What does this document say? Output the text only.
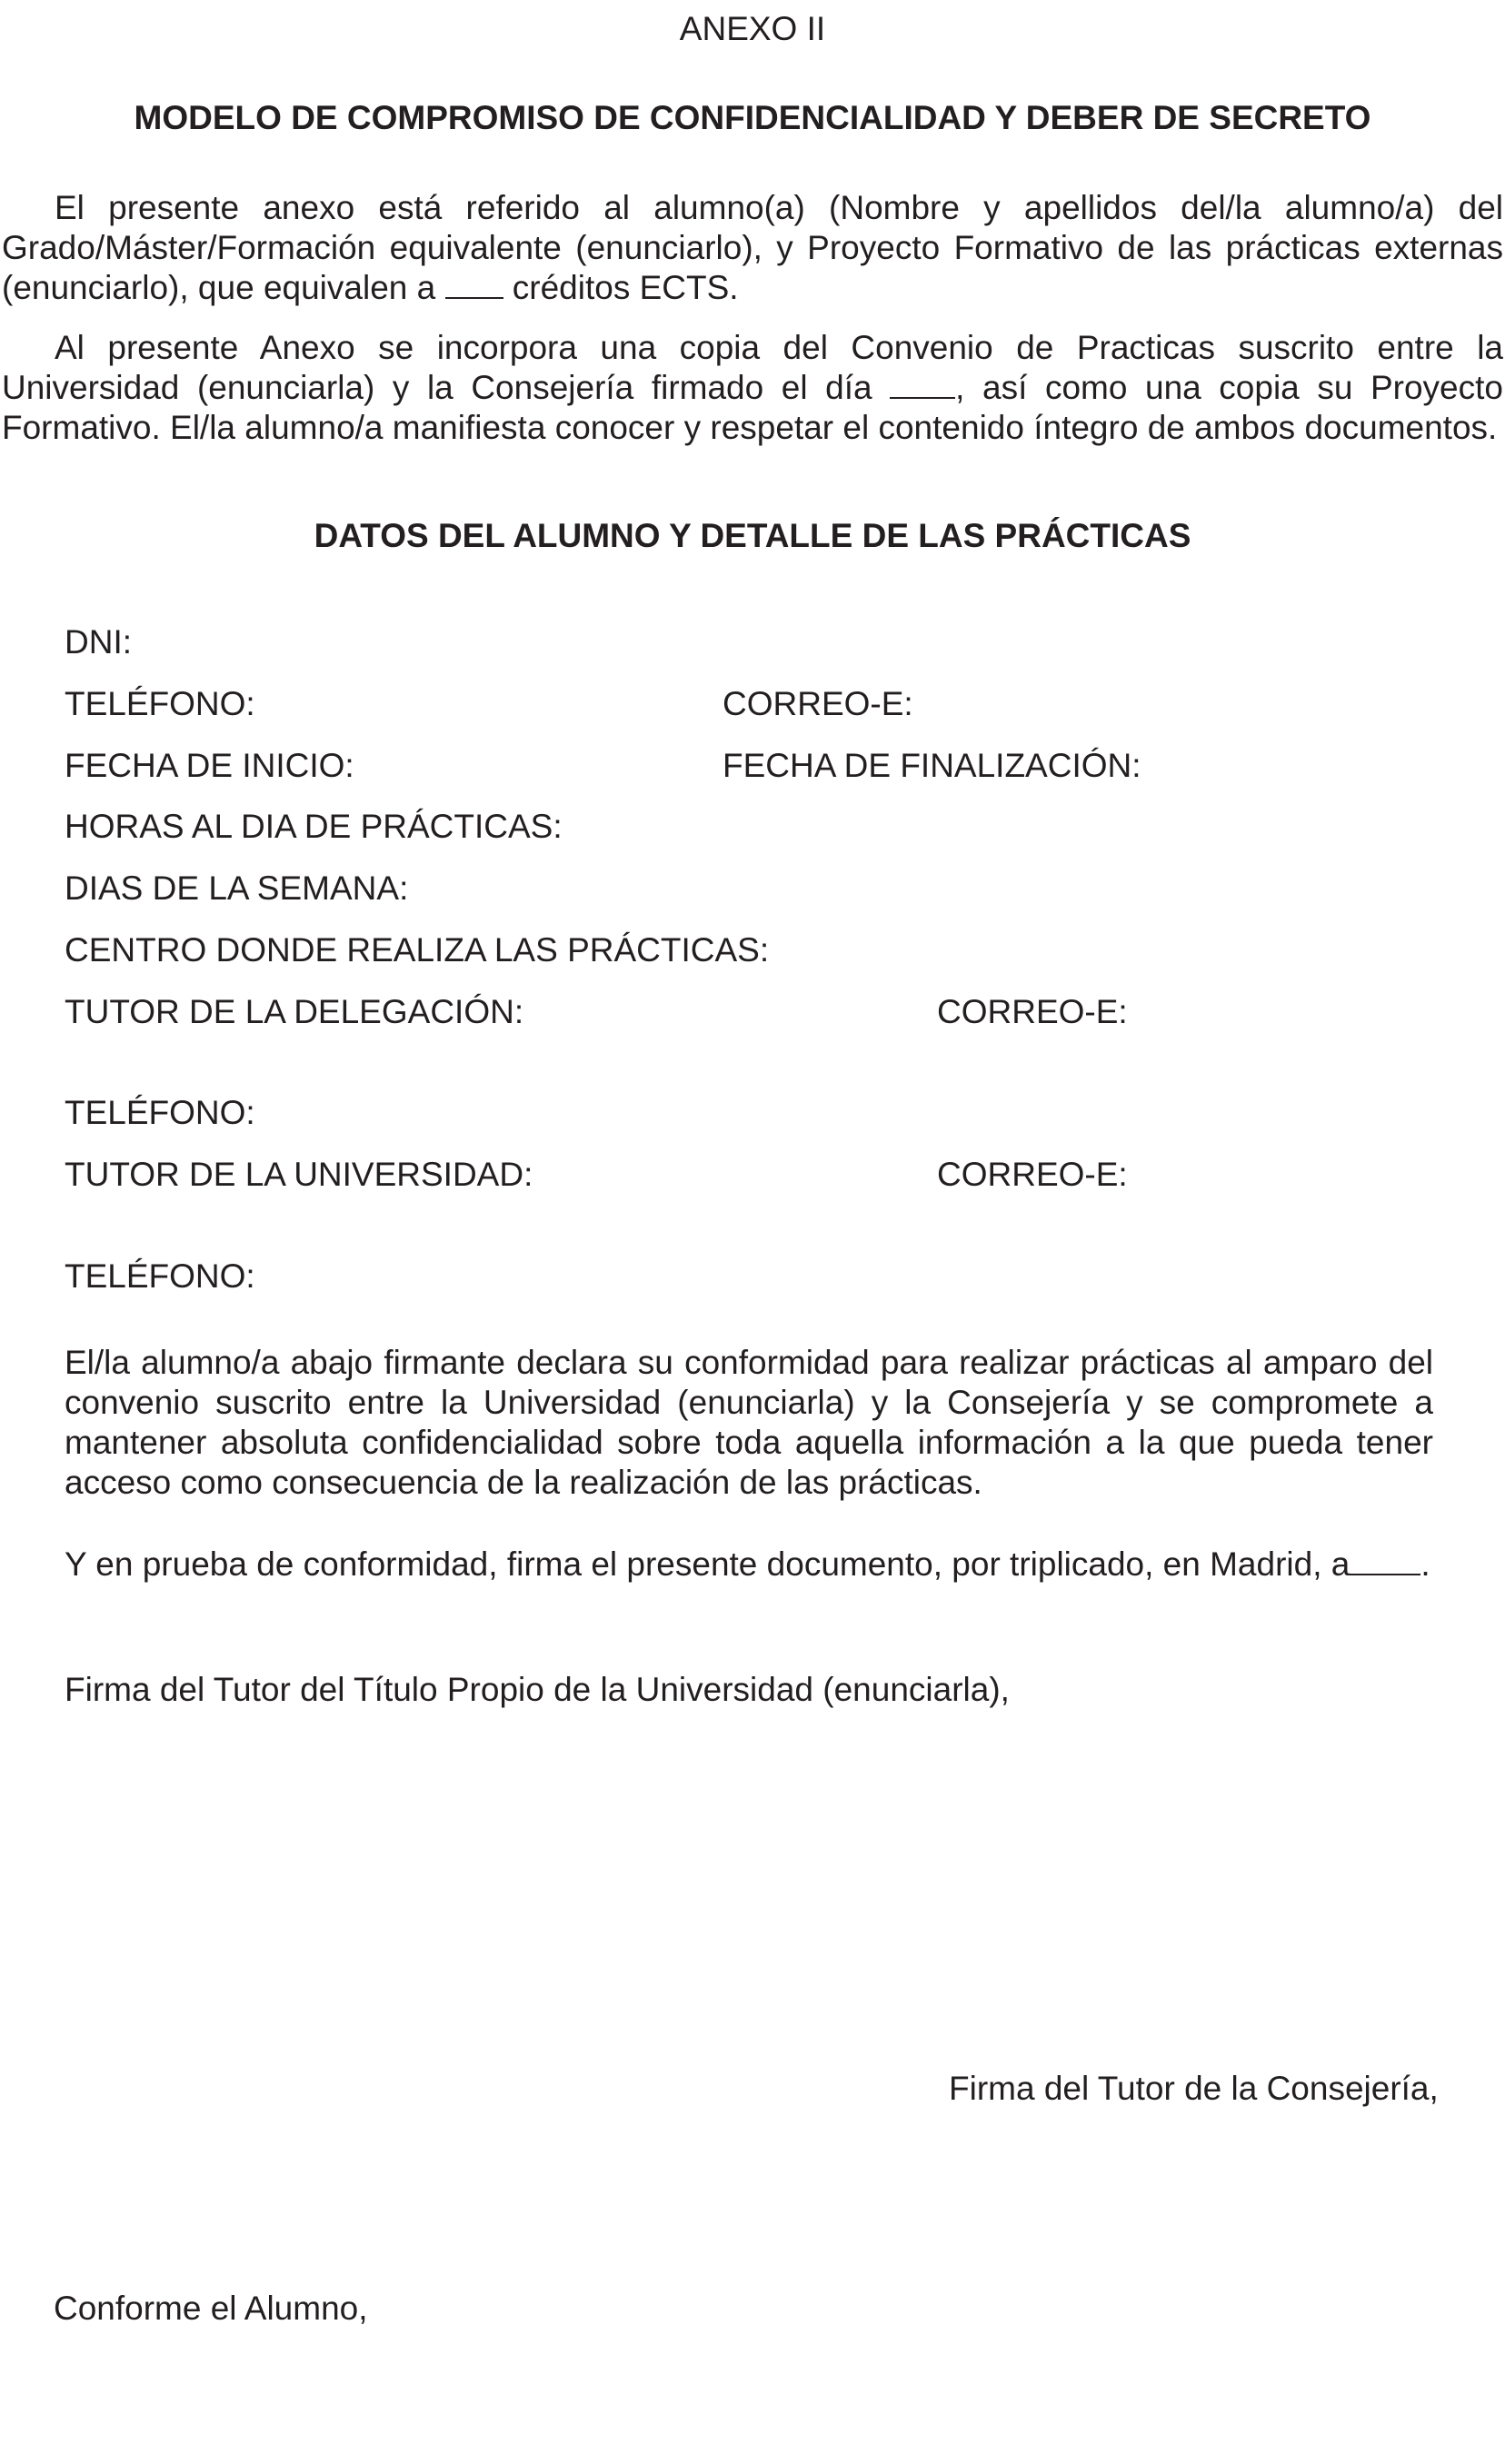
ANEXO II

MODELO DE COMPROMISO DE CONFIDENCIALIDAD Y DEBER DE SECRETO

El presente anexo está referido al alumno(a) (Nombre y apellidos del/la alumno/a) del Grado/Máster/Formación equivalente (enunciarlo), y Proyecto Formativo de las prácticas externas (enunciarlo), que equivalen a créditos ECTS.

Al presente Anexo se incorpora una copia del Convenio de Practicas suscrito entre la Universidad (enunciarla) y la Consejería firmado el día , así como una copia su Proyecto Formativo. El/la alumno/a manifiesta conocer y respetar el contenido íntegro de ambos documentos.

DATOS DEL ALUMNO Y DETALLE DE LAS PRÁCTICAS

DNI:

TELÉFONO:	CORREO-E:

FECHA DE INICIO:	FECHA DE FINALIZACIÓN:

HORAS AL DIA DE PRÁCTICAS:

DIAS DE LA SEMANA:

CENTRO DONDE REALIZA LAS PRÁCTICAS:

TUTOR DE LA DELEGACIÓN:	CORREO-E:

TELÉFONO:

TUTOR DE LA UNIVERSIDAD:	CORREO-E:

TELÉFONO:

El/la alumno/a abajo firmante declara su conformidad para realizar prácticas al amparo del convenio suscrito entre la Universidad (enunciarla) y la Consejería y se compromete a mantener absoluta confidencialidad sobre toda aquella información a la que pueda tener acceso como consecuencia de la realización de las prácticas.

Y en prueba de conformidad, firma el presente documento, por triplicado, en Madrid, a .

Firma del Tutor del Título Propio de la Universidad (enunciarla),

Firma del Tutor de la Consejería,

Conforme el Alumno,
